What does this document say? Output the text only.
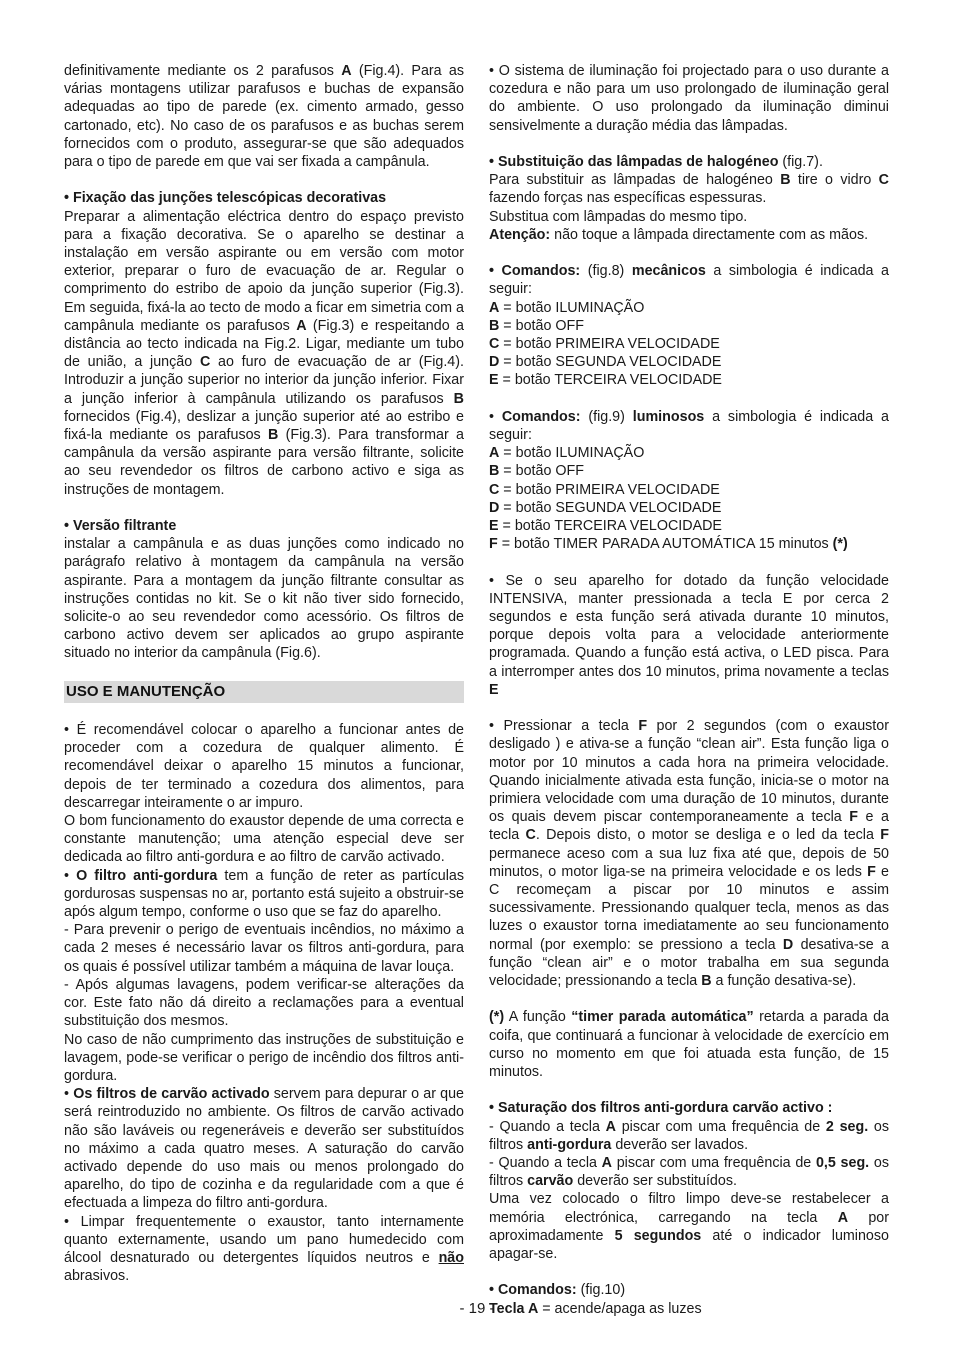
definitivamente mediante os 2 parafusos A (Fig.4). Para as várias montagens utilizar parafusos e buchas de expansão adequadas ao tipo de parede (ex. cimento armado, gesso cartonado, etc). No caso de os parafusos e as buchas serem fornecidos com o produto, assegurar-se que são adequados para o tipo de parede em que vai ser fixada a campânula.

• Fixação das junções telescópicas decorativas

Preparar a alimentação eléctrica dentro do espaço previsto para a fixação decorativa. Se o aparelho se destinar a instalação em versão aspirante ou em versão com motor exterior, preparar o furo de evacuação de ar. Regular o comprimento do estribo de apoio da junção superior (Fig.3). Em seguida, fixá-la ao tecto de modo a ficar em simetria com a campânula mediante os parafusos A (Fig.3) e respeitando a distância ao tecto indicada na Fig.2. Ligar, mediante um tubo de união, a junção C ao furo de evacuação de ar (Fig.4). Introduzir a junção superior no interior da junção inferior. Fixar a junção inferior à campânula utilizando os parafusos B fornecidos (Fig.4), deslizar a junção superior até ao estribo e fixá-la mediante os parafusos B (Fig.3). Para transformar a campânula da versão aspirante para versão filtrante, solicite ao seu revendedor os filtros de carbono activo e siga as instruções de montagem.

• Versão filtrante

instalar a campânula e as duas junções como indicado no parágrafo relativo à montagem da campânula na versão aspirante. Para a montagem da junção filtrante consultar as instruções contidas no kit. Se o kit não tiver sido fornecido, solicite-o ao seu revendedor como acessório. Os filtros de carbono activo devem ser aplicados ao grupo aspirante situado no interior da campânula (Fig.6).

USO E MANUTENÇÃO

• É recomendável colocar o aparelho a funcionar antes de proceder com a cozedura de qualquer alimento. É recomendável deixar o aparelho 15 minutos a funcionar, depois de ter terminado a cozedura dos alimentos, para descarregar inteiramente o ar impuro.

O bom funcionamento do exaustor depende de uma correcta e constante manutenção; uma atenção especial deve ser dedicada ao filtro anti-gordura e ao filtro de carvão activado.

• O filtro anti-gordura tem a função de reter as partículas gordurosas suspensas no ar, portanto está sujeito a obstruir-se após algum tempo, conforme o uso que se faz do aparelho.

- Para prevenir o perigo de eventuais incêndios, no máximo a cada 2 meses é necessário lavar os filtros anti-gordura, para os quais é possível utilizar também a máquina de lavar louça.

- Após algumas lavagens, podem verificar-se alterações da cor. Este fato não dá direito a reclamações para a eventual substituição dos mesmos.

No caso de não cumprimento das instruções de substituição e lavagem, pode-se verificar o perigo de incêndio dos filtros anti-gordura.

• Os filtros de carvão activado servem para depurar o ar que será reintroduzido no ambiente. Os filtros de carvão activado não são laváveis ou regeneráveis e deverão ser substituídos no máximo a cada quatro meses. A saturação do carvão activado depende do uso mais ou menos prolongado do aparelho, do tipo de cozinha e da regularidade com a que é efectuada a limpeza do filtro anti-gordura.

• Limpar frequentemente o exaustor, tanto internamente quanto externamente, usando um pano humedecido com álcool desnaturado ou detergentes líquidos neutros e não abrasivos.

• O sistema de iluminação foi projectado para o uso durante a cozedura e não para um uso prolongado de iluminação geral do ambiente. O uso prolongado da iluminação diminui sensivelmente a duração média das lâmpadas.

• Substituição das lâmpadas de halogéneo (fig.7).

Para substituir as lâmpadas de halogéneo B tire o vidro C fazendo forças nas específicas espessuras.

Substitua com lâmpadas do mesmo tipo.

Atenção: não toque a lâmpada directamente com as mãos.

• Comandos: (fig.8) mecânicos a simbologia é indicada a seguir:

A = botão ILUMINAÇÃO

B = botão OFF

C = botão PRIMEIRA VELOCIDADE

D = botão SEGUNDA VELOCIDADE

E = botão TERCEIRA VELOCIDADE

• Comandos: (fig.9) luminosos a simbologia é indicada a seguir:

A = botão ILUMINAÇÃO

B = botão OFF

C = botão PRIMEIRA VELOCIDADE

D = botão SEGUNDA VELOCIDADE

E = botão TERCEIRA VELOCIDADE

F = botão TIMER PARADA AUTOMÁTICA 15 minutos (*)

• Se o seu aparelho for dotado da função velocidade INTENSIVA, manter pressionada a tecla E por cerca 2 segundos e esta função será ativada durante 10 minutos, porque depois volta para a velocidade anteriormente programada. Quando a função está activa, o LED pisca. Para a interromper antes dos 10 minutos, prima novamente a teclas E

• Pressionar a tecla F por 2 segundos (com o exaustor desligado ) e ativa-se a função “clean air”. Esta função liga o motor por 10 minutos a cada hora na primeira velocidade. Quando inicialmente ativada esta função, inicia-se o motor na primiera velocidade com uma duração de 10 minutos, durante os quais devem piscar contemporaneamente a tecla F e a tecla C. Depois disto, o motor se desliga e o led da tecla F permanece aceso com a sua luz fixa até que, depois de 50 minutos, o motor liga-se na primeira velocidade e os leds F e C recomeçam a piscar por 10 minutos e assim sucessivamente. Pressionando qualquer tecla, menos as das luzes o exaustor torna imediatamente ao seu funcionamento normal (por exemplo: se pressiono a tecla D desativa-se a função “clean air” e o motor trabalha em sua segunda velocidade; pressionando a tecla B a função desativa-se).

(*) A função “timer parada automática” retarda a parada da coifa, que continuará a funcionar à velocidade de exercício em curso no momento em que foi atuada esta função, de 15 minutos.

• Saturação dos filtros anti-gordura carvão activo :

- Quando a tecla A piscar com uma frequência de 2 seg. os filtros anti-gordura deverão ser lavados.

- Quando a tecla A piscar com uma frequência de 0,5 seg. os filtros carvão deverão ser substituídos.

Uma vez colocado o filtro limpo deve-se restabelecer a memória electrónica, carregando na tecla A por aproximadamente 5 segundos até o indicador luminoso apagar-se.

• Comandos: (fig.10)

Tecla A = acende/apaga as luzes

- 19 -
